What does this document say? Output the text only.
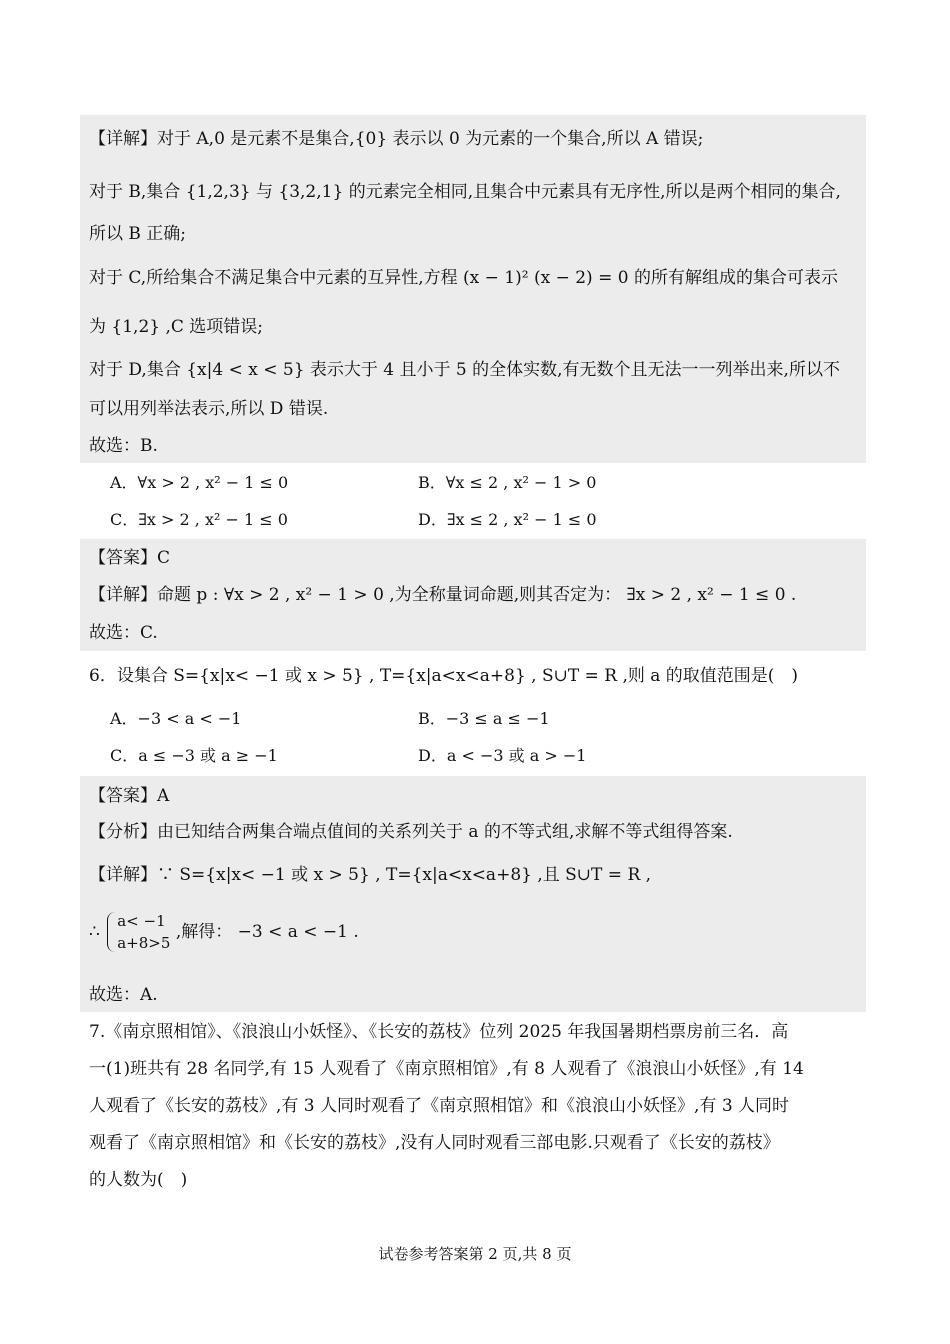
【详解】对于 A,0 是元素不是集合,{0} 表示以 0 为元素的一个集合,所以 A 错误;
对于 B,集合 {1,2,3} 与 {3,2,1} 的元素完全相同,且集合中元素具有无序性,所以是两个相同的集合,
所以 B 正确;
对于 C,所给集合不满足集合中元素的互异性,方程 (x − 1)² (x − 2) = 0 的所有解组成的集合可表示
为 {1,2} ,C 选项错误;
对于 D,集合 {x|4 < x < 5} 表示大于 4 且小于 5 的全体实数,有无数个且无法一一列举出来,所以不
可以用列举法表示,所以 D 错误.
故选：B.
A．∀x > 2 , x² − 1 ≤ 0	B．∀x ≤ 2 , x² − 1 > 0
C．∃x > 2 , x² − 1 ≤ 0	D．∃x ≤ 2 , x² − 1 ≤ 0
【答案】C
【详解】命题 p : ∀x > 2 , x² − 1 > 0 ,为全称量词命题,则其否定为： ∃x > 2 , x² − 1 ≤ 0 .
故选：C.
6．设集合 S={x|x< −1 或 x > 5} , T={x|a<x<a+8} , S∪T = R ,则 a 的取值范围是(　)
A．−3 < a < −1	B．−3 ≤ a ≤ −1
C．a ≤ −3 或 a ≥ −1	D．a < −3 或 a > −1
【答案】A
【分析】由已知结合两集合端点值间的关系列关于 a 的不等式组,求解不等式组得答案.
【详解】∵ S={x|x< −1 或 x > 5} , T={x|a<x<a+8} ,且 S∪T = R ,
∴
a< −1
a+8>5
,解得： −3 < a < −1 .
故选：A.
7.《南京照相馆》、《浪浪山小妖怪》、《长安的荔枝》位列 2025 年我国暑期档票房前三名．高
一(1)班共有 28 名同学,有 15 人观看了《南京照相馆》,有 8 人观看了《浪浪山小妖怪》,有 14
人观看了《长安的荔枝》,有 3 人同时观看了《南京照相馆》和《浪浪山小妖怪》,有 3 人同时
观看了《南京照相馆》和《长安的荔枝》,没有人同时观看三部电影.只观看了《长安的荔枝》
的人数为(　)
试卷参考答案第 2 页,共 8 页
